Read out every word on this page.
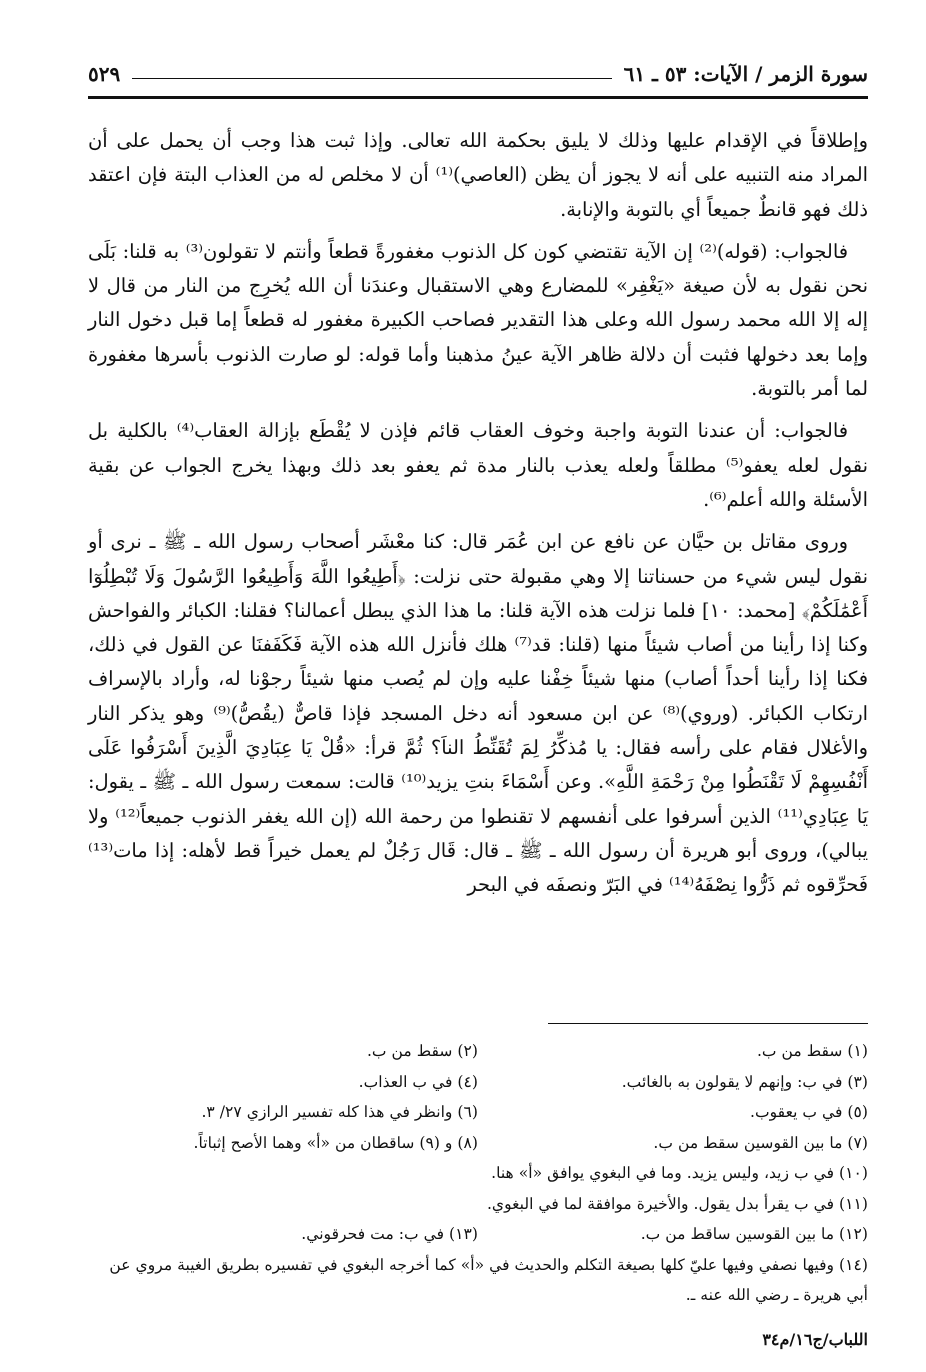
سورة الزمر / الآيات: ٥٣ ـ ٦١
٥٢٩

وإطلاقاً في الإقدام عليها وذلك لا يليق بحكمة الله تعالى. وإذا ثبت هذا وجب أن يحمل على أن المراد منه التنبيه على أنه لا يجوز أن يظن (العاصي)⁽¹⁾ أن لا مخلص له من العذاب البتة فإن اعتقد ذلك فهو قانطٌ جميعاً أي بالتوبة والإنابة.

فالجواب: (قوله)⁽²⁾ إن الآية تقتضي كون كل الذنوب مغفورةً قطعاً وأنتم لا تقولون⁽³⁾ به قلنا: بَلَى نحن نقول به لأن صيغة «يَغْفِر» للمضارع وهي الاستقبال وعندَنا أن الله يُخرِج من النار من قال لا إله إلا الله محمد رسول الله وعلى هذا التقدير فصاحب الكبيرة مغفور له قطعاً إما قبل دخول النار وإما بعد دخولها فثبت أن دلالة ظاهر الآية عينُ مذهبنا وأما قوله: لو صارت الذنوب بأسرها مغفورة لما أمر بالتوبة.

فالجواب: أن عندنا التوبة واجبة وخوف العقاب قائم فإذن لا يُقْطَع بإزالة العقاب⁽⁴⁾ بالكلية بل نقول لعله يعفو⁽⁵⁾ مطلقاً ولعله يعذب بالنار مدة ثم يعفو بعد ذلك وبهذا يخرج الجواب عن بقية الأسئلة والله أعلم⁽⁶⁾.

وروى مقاتل بن حيَّان عن نافع عن ابن عُمَر قال: كنا معْشَر أصحاب رسول الله ـ ﷺ ـ نرى أو نقول ليس شيء من حسناتنا إلا وهي مقبولة حتى نزلت: ﴿أَطِيعُوا اللَّهَ وَأَطِيعُوا الرَّسُولَ وَلَا تُبْطِلُوٓا أَعْمَٰلَكُمْ﴾ [محمد: ١٠] فلما نزلت هذه الآية قلنا: ما هذا الذي يبطل أعمالنا؟ فقلنا: الكبائر والفواحش وكنا إذا رأينا من أصاب شيئاً منها (قلنا: قد⁽⁷⁾ هلك فأنزل الله هذه الآية فَكَفَفنَا عن القول في ذلك، فكنا إذا رأينا أحداً أصاب) منها شيئاً خِفْنا عليه وإن لم يُصب منها شيئاً رجوْنا له، وأراد بالإسراف ارتكاب الكبائر. (وروي)⁽⁸⁾ عن ابن مسعود أنه دخل المسجد فإذا قاصٌّ (يقُصُّ)⁽⁹⁾ وهو يذكر النار والأغلال فقام على رأسه فقال: يا مُذكِّرُ لِمَ تُقَنِّطُ الناَ؟ ثُمَّ قرأ: «قُلْ يَا عِبَادِيَ الَّذِينَ أَسْرَفُوا عَلَى أَنْفُسِهِمْ لَا تَقْنَطُوا مِنْ رَحْمَةِ اللَّهِ». وعن أَسْمَاءَ بنتِ يزيد⁽¹⁰⁾ قالت: سمعت رسول الله ـ ﷺ ـ يقول: يَا عِبَادِي⁽¹¹⁾ الذين أسرفوا على أنفسهم لا تقنطوا من رحمة الله (إن الله يغفر الذنوب جميعاً⁽¹²⁾ ولا يبالي)، وروى أبو هريرة أن رسول الله ـ ﷺ ـ قال: قَال رَجُلٌ لم يعمل خيراً قط لأهله: إذا مات⁽¹³⁾ فَحرِّقوه ثم ذَرُّوا نِصْفَهُ⁽¹⁴⁾ في البَرّ ونصفَه في البحر

(١) سقط من ب.
(٢) سقط من ب.
(٣) في ب: وإنهم لا يقولون به بالغائب.
(٤) في ب العذاب.
(٥) في ب يعقوب.
(٦) وانظر في هذا كله تفسير الرازي ٢٧/ ٣.
(٧) ما بين القوسين سقط من ب.
(٨) و (٩) ساقطان من «أ» وهما الأصح إثباتاً.
(١٠) في ب زيد، وليس يزيد. وما في البغوي يوافق «أ» هنا.
(١١) في ب يقرأ بدل يقول. والأخيرة موافقة لما في البغوي.
(١٢) ما بين القوسين ساقط من ب.
(١٣) في ب: مت فحرقوني.
(١٤) وفيها نصفي وفيها عليّ كلها بصيغة التكلم والحديث في «أ» كما أخرجه البغوي في تفسيره بطريق الغيبة مروي عن أبي هريرة ـ رضي الله عنه ـ.
اللباب/ج١٦/م٣٤
